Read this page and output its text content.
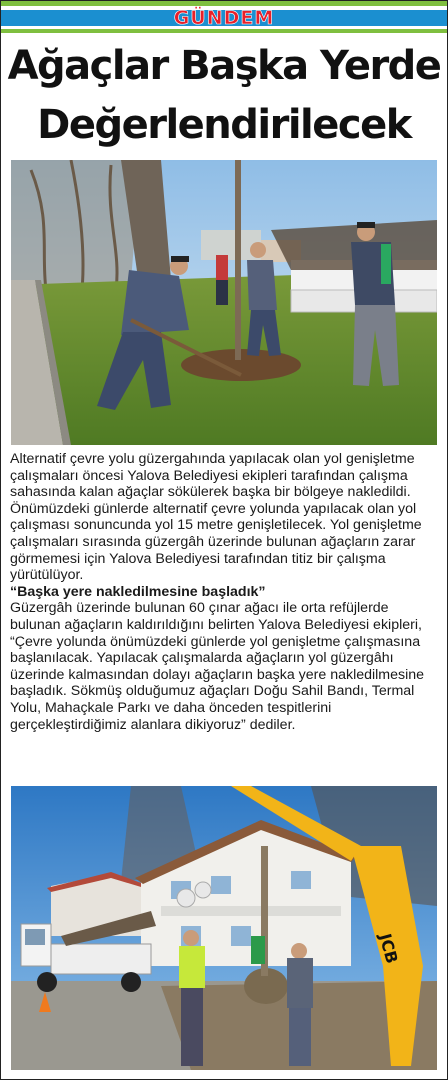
GÜNDEM
Ağaçlar Başka Yerde
Değerlendirilecek

Alternatif çevre yolu güzergahında yapılacak olan yol genişletme çalışmaları öncesi Yalova Belediyesi ekipleri tarafından çalışma sahasında kalan ağaçlar sökülerek başka bir bölgeye nakledildi.

Önümüzdeki günlerde alternatif çevre yolunda yapılacak olan yol çalışması sonuncunda yol 15 metre genişletilecek. Yol genişletme çalışmaları sırasında güzergâh üzerinde bulunan ağaçların zarar görmemesi için Yalova Belediyesi tarafından titiz bir çalışma yürütülüyor.

“Başka yere nakledilmesine başladık”

Güzergâh üzerinde bulunan 60 çınar ağacı ile orta refüjlerde bulunan ağaçların kaldırıldığını belirten Yalova Belediyesi ekipleri, “Çevre yolunda önümüzdeki günlerde yol genişletme çalışmasına başlanılacak. Yapılacak çalışmalarda ağaçların yol güzergâhı üzerinde kalmasından dolayı ağaçların başka yere nakledilmesine başladık. Sökmüş olduğumuz ağaçları Doğu Sahil Bandı, Termal Yolu, Mahaçkale Parkı ve daha önceden tespitlerini gerçekleştirdiğimiz alanlara dikiyoruz” dediler.

JCB
